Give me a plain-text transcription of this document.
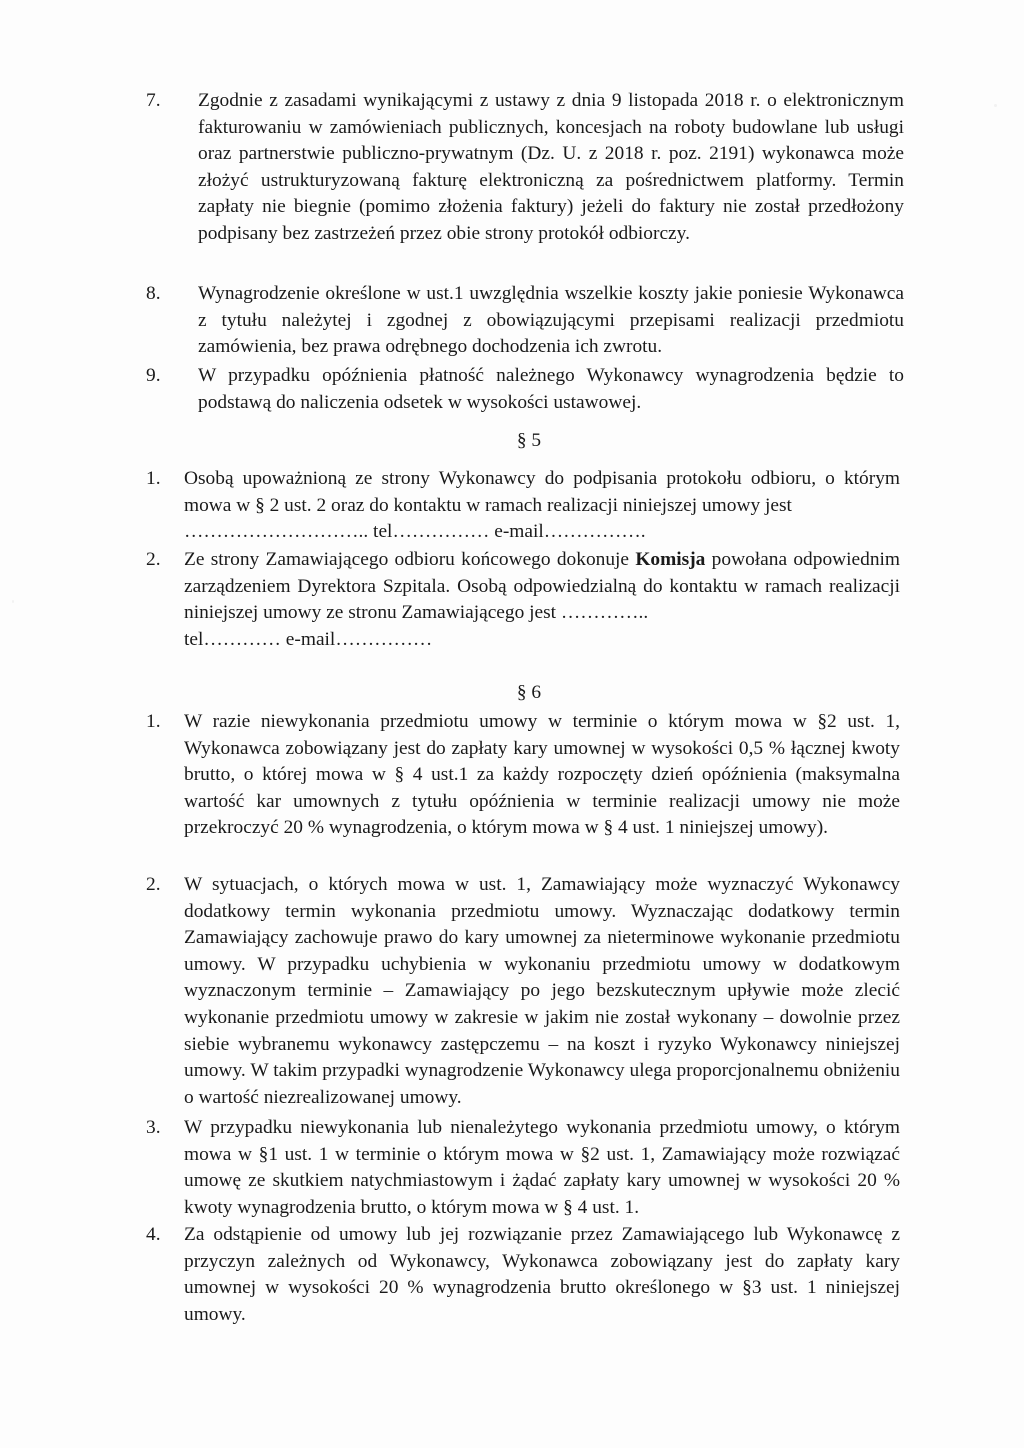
7. Zgodnie z zasadami wynikającymi z ustawy z dnia 9 listopada 2018 r. o elektronicznym fakturowaniu w zamówieniach publicznych, koncesjach na roboty budowlane lub usługi oraz partnerstwie publiczno-prywatnym (Dz. U. z 2018 r. poz. 2191) wykonawca może złożyć ustrukturyzowaną fakturę elektroniczną za pośrednictwem platformy. Termin zapłaty nie biegnie (pomimo złożenia faktury) jeżeli do faktury nie został przedłożony podpisany bez zastrzeżeń przez obie strony protokół odbiorczy.
8. Wynagrodzenie określone w ust.1 uwzględnia wszelkie koszty jakie poniesie Wykonawca z tytułu należytej i zgodnej z obowiązującymi przepisami realizacji przedmiotu zamówienia, bez prawa odrębnego dochodzenia ich zwrotu.
9. W przypadku opóźnienia płatność należnego Wykonawcy wynagrodzenia będzie to podstawą do naliczenia odsetek w wysokości ustawowej.
§ 5
1. Osobą upoważnioną ze strony Wykonawcy do podpisania protokołu odbioru, o którym mowa w § 2 ust. 2 oraz do kontaktu w ramach realizacji niniejszej umowy jest
……………………….. tel…………… e-mail…………….
2. Ze strony Zamawiającego odbioru końcowego dokonuje Komisja powołana odpowiednim zarządzeniem Dyrektora Szpitala. Osobą odpowiedzialną do kontaktu w ramach realizacji niniejszej umowy ze stronu Zamawiającego jest …………..
tel………… e-mail……………
§ 6
1. W razie niewykonania przedmiotu umowy w terminie o którym mowa w §2 ust. 1, Wykonawca zobowiązany jest do zapłaty kary umownej w wysokości 0,5 % łącznej kwoty brutto, o której mowa w § 4 ust.1 za każdy rozpoczęty dzień opóźnienia (maksymalna wartość kar umownych z tytułu opóźnienia w terminie realizacji umowy nie może przekroczyć 20 % wynagrodzenia, o którym mowa w § 4 ust. 1 niniejszej umowy).
2. W sytuacjach, o których mowa w ust. 1, Zamawiający może wyznaczyć Wykonawcy dodatkowy termin wykonania przedmiotu umowy. Wyznaczając dodatkowy termin Zamawiający zachowuje prawo do kary umownej za nieterminowe wykonanie przedmiotu umowy. W przypadku uchybienia w wykonaniu przedmiotu umowy w dodatkowym wyznaczonym terminie – Zamawiający po jego bezskutecznym upływie może zlecić wykonanie przedmiotu umowy w zakresie w jakim nie został wykonany – dowolnie przez siebie wybranemu wykonawcy zastępczemu – na koszt i ryzyko Wykonawcy niniejszej umowy. W takim przypadki wynagrodzenie Wykonawcy ulega proporcjonalnemu obniżeniu o wartość niezrealizowanej umowy.
3. W przypadku niewykonania lub nienależytego wykonania przedmiotu umowy, o którym mowa w §1 ust. 1 w terminie o którym mowa w §2 ust. 1, Zamawiający może rozwiązać umowę ze skutkiem natychmiastowym i żądać zapłaty kary umownej w wysokości 20 % kwoty wynagrodzenia brutto, o którym mowa w § 4 ust. 1.
4. Za odstąpienie od umowy lub jej rozwiązanie przez Zamawiającego lub Wykonawcę z przyczyn zależnych od Wykonawcy, Wykonawca zobowiązany jest do zapłaty kary umownej w wysokości 20 % wynagrodzenia brutto określonego w §3 ust. 1 niniejszej umowy.
